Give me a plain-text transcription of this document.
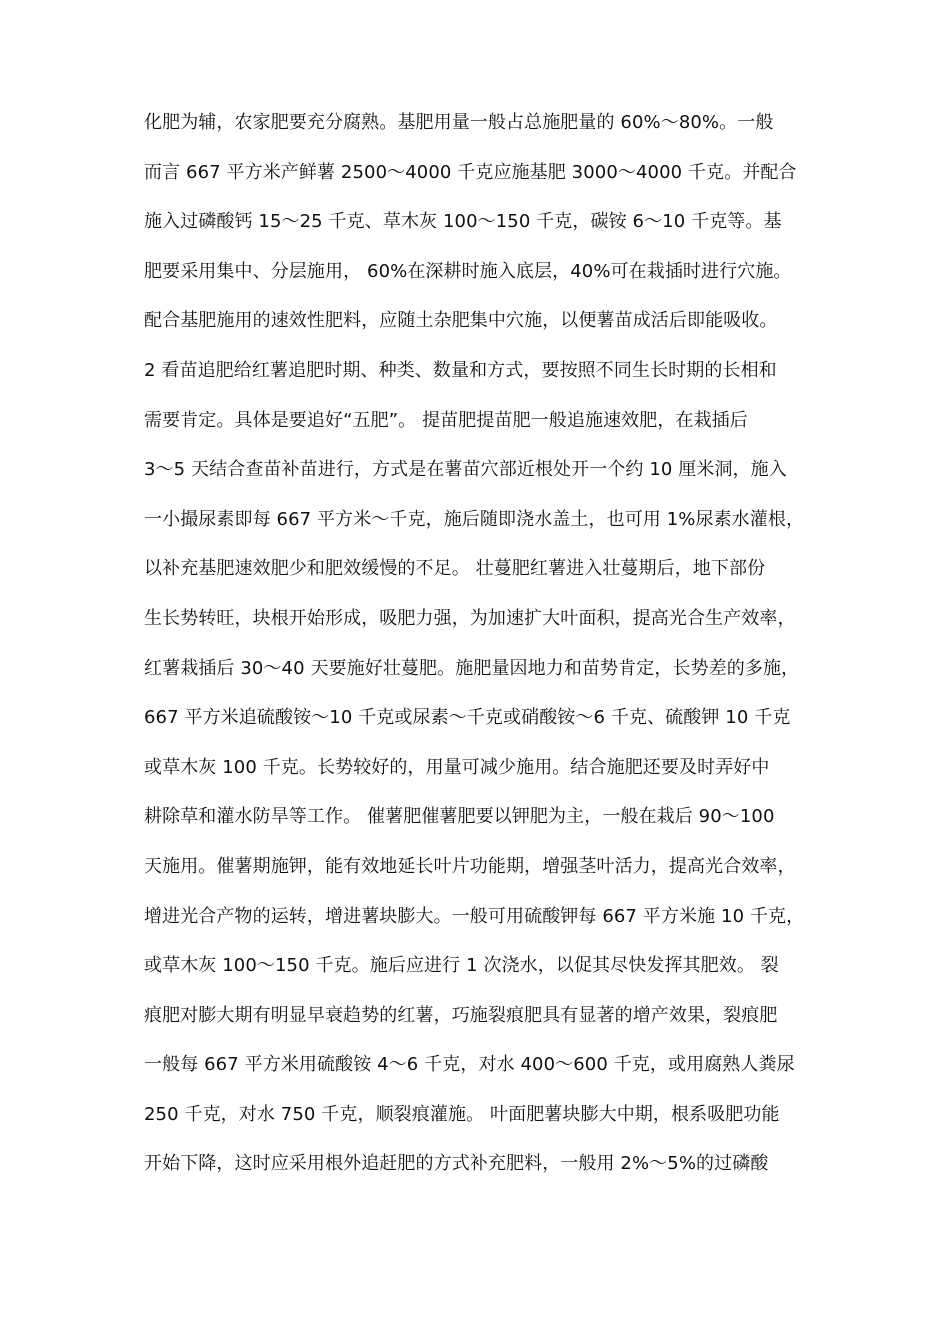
化肥为辅，农家肥要充分腐熟。基肥用量一般占总施肥量的 60%～80%。一般
而言 667 平方米产鲜薯 2500～4000 千克应施基肥 3000～4000 千克。并配合
施入过磷酸钙 15～25 千克、草木灰 100～150 千克，碳铵 6～10 千克等。基
肥要采用集中、分层施用， 60%在深耕时施入底层，40%可在栽插时进行穴施。
配合基肥施用的速效性肥料，应随土杂肥集中穴施，以便薯苗成活后即能吸收。
2 看苗追肥给红薯追肥时期、种类、数量和方式，要按照不同生长时期的长相和
需要肯定。具体是要追好“五肥”。 提苗肥提苗肥一般追施速效肥，在栽插后
3～5 天结合查苗补苗进行，方式是在薯苗穴部近根处开一个约 10 厘米洞，施入
一小撮尿素即每 667 平方米～千克，施后随即浇水盖土，也可用 1%尿素水灌根，
以补充基肥速效肥少和肥效缓慢的不足。 壮蔓肥红薯进入壮蔓期后，地下部份
生长势转旺，块根开始形成，吸肥力强，为加速扩大叶面积，提高光合生产效率，
红薯栽插后 30～40 天要施好壮蔓肥。施肥量因地力和苗势肯定，长势差的多施，
667 平方米追硫酸铵～10 千克或尿素～千克或硝酸铵～6 千克、硫酸钾 10 千克
或草木灰 100 千克。长势较好的，用量可减少施用。结合施肥还要及时弄好中
耕除草和灌水防旱等工作。 催薯肥催薯肥要以钾肥为主，一般在栽后 90～100
天施用。催薯期施钾，能有效地延长叶片功能期，增强茎叶活力，提高光合效率，
增进光合产物的运转，增进薯块膨大。一般可用硫酸钾每 667 平方米施 10 千克，
或草木灰 100～150 千克。施后应进行 1 次浇水，以促其尽快发挥其肥效。 裂
痕肥对膨大期有明显早衰趋势的红薯，巧施裂痕肥具有显著的增产效果，裂痕肥
一般每 667 平方米用硫酸铵 4～6 千克，对水 400～600 千克，或用腐熟人粪尿
250 千克，对水 750 千克，顺裂痕灌施。 叶面肥薯块膨大中期，根系吸肥功能
开始下降，这时应采用根外追赶肥的方式补充肥料，一般用 2%～5%的过磷酸
